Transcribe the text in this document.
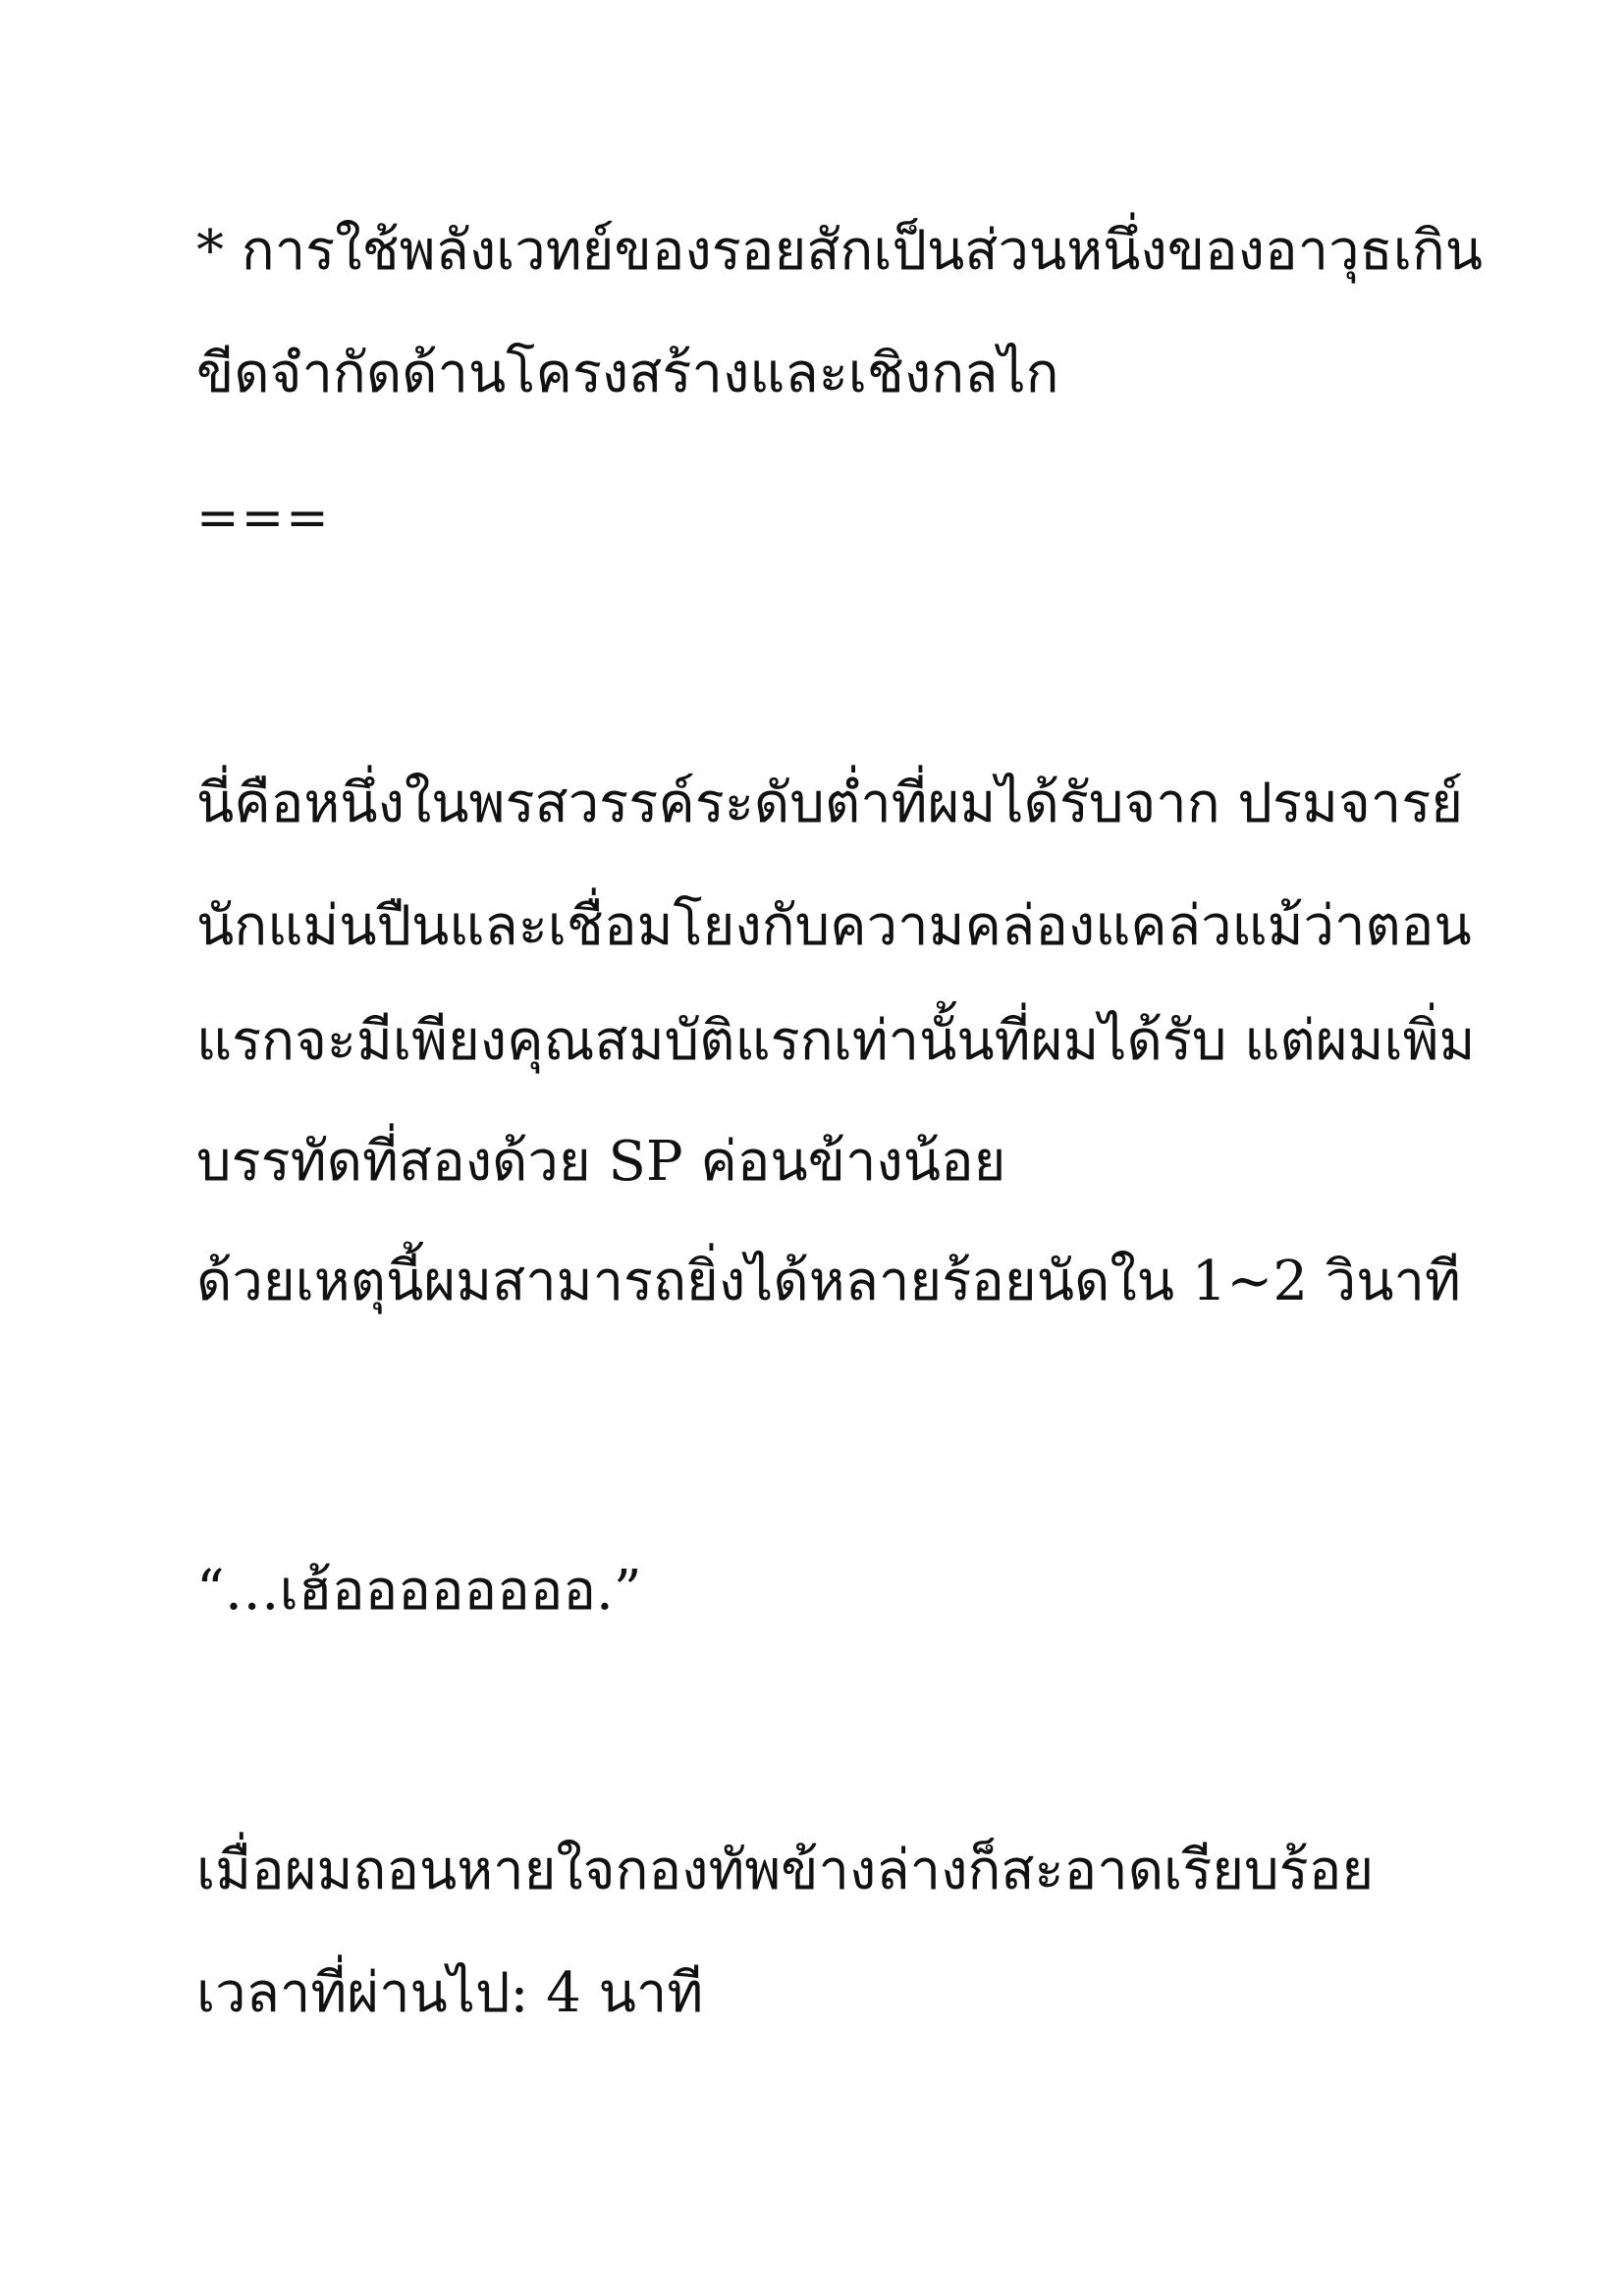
* การใช้พลังเวทย์ของรอยสักเป็นส่วนหนึ่งของอาวุธเกิน

ขีดจำกัดด้านโครงสร้างและเชิงกลไก

===

นี่คือหนึ่งในพรสวรรค์ระดับต่ำที่ผมได้รับจาก ปรมจารย์

นักแม่นปืนและเชื่อมโยงกับความคล่องแคล่วแม้ว่าตอน

แรกจะมีเพียงคุณสมบัติแรกเท่านั้นที่ผมได้รับ แต่ผมเพิ่ม

บรรทัดที่สองด้วย SP ค่อนข้างน้อย

ด้วยเหตุนี้ผมสามารถยิ่งได้หลายร้อยนัดใน 1~2 วินาที

“…เฮ้ออออออออ.”

เมื่อผมถอนหายใจกองทัพข้างล่างก็สะอาดเรียบร้อย

เวลาที่ผ่านไป: 4 นาที
